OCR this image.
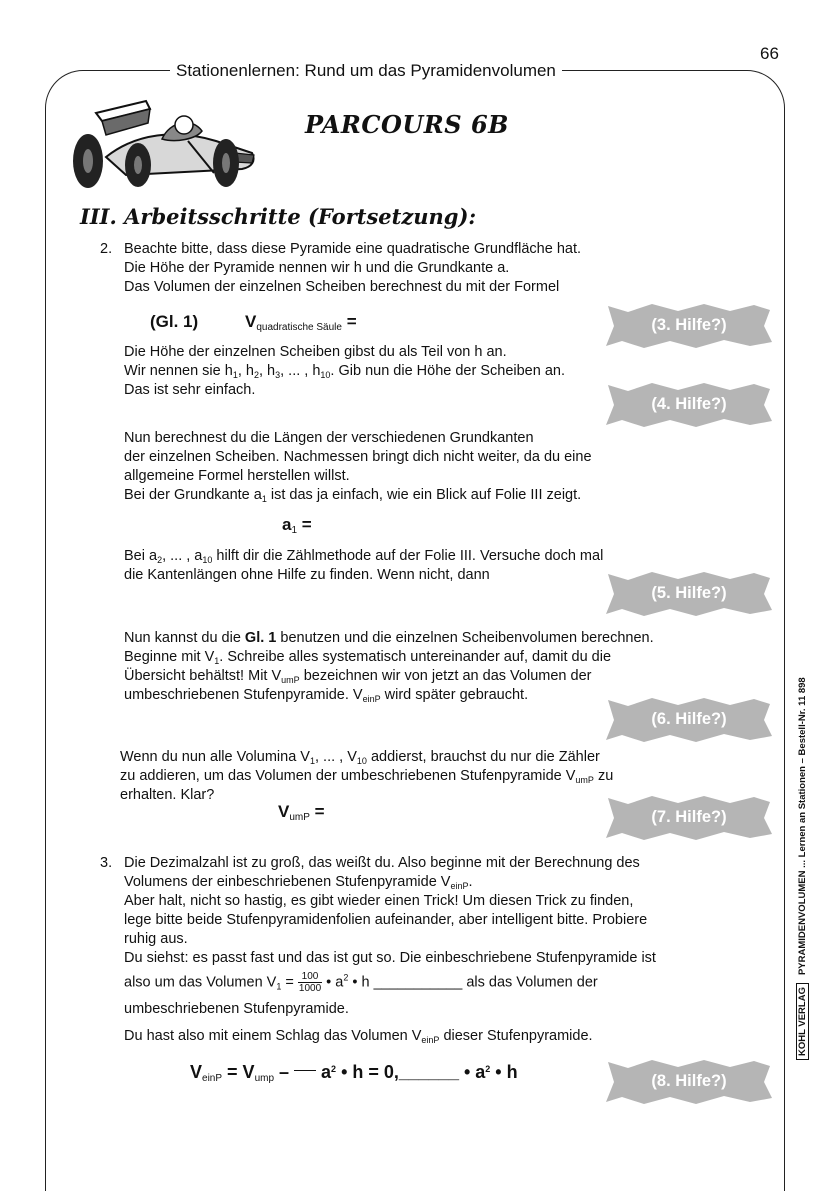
Stationenlernen: Rund um das Pyramidenvolumen
66
PARCOURS 6B
III. Arbeitsschritte (Fortsetzung):
2. Beachte bitte, dass diese Pyramide eine quadratische Grundfläche hat.
Die Höhe der Pyramide nennen wir h und die Grundkante a.
Das Volumen der einzelnen Scheiben berechnest du mit der Formel
(Gl. 1)	$V_{quadratische Säule}$ =
Die Höhe der einzelnen Scheiben gibst du als Teil von h an.
Wir nennen sie $h_1$, $h_2$, $h_3$, ... , $h_{10}$. Gib nun die Höhe der Scheiben an.
Das ist sehr einfach.
Nun berechnest du die Längen der verschiedenen Grundkanten
der einzelnen Scheiben. Nachmessen bringt dich nicht weiter, da du eine
allgemeine Formel herstellen willst.
Bei der Grundkante $a_1$ ist das ja einfach, wie ein Blick auf Folie III zeigt.
$a_1$ =
Bei $a_2$, ... , $a_{10}$ hilft dir die Zählmethode auf der Folie III. Versuche doch mal
die Kantenlängen ohne Hilfe zu finden. Wenn nicht, dann
Nun kannst du die Gl. 1 benutzen und die einzelnen Scheibenvolumen berechnen.
Beginne mit $V_1$. Schreibe alles systematisch untereinander auf, damit du die
Übersicht behältst! Mit $V_{umP}$ bezeichnen wir von jetzt an das Volumen der
umbeschriebenen Stufenpyramide. $V_{einP}$ wird später gebraucht.
Wenn du nun alle Volumina $V_1$, ... , $V_{10}$ addierst, brauchst du nur die Zähler
zu addieren, um das Volumen der umbeschriebenen Stufenpyramide $V_{umP}$ zu
erhalten. Klar?
$V_{umP}$ =
3. Die Dezimalzahl ist zu groß, das weißt du. Also beginne mit der Berechnung des
Volumens der einbeschriebenen Stufenpyramide $V_{einP}$.
Aber halt, nicht so hastig, es gibt wieder einen Trick! Um diesen Trick zu finden,
lege bitte beide Stufenpyramidenfolien aufeinander, aber intelligent bitte. Probiere
ruhig aus.
Du siehst: es passt fast und das ist gut so. Die einbeschriebene Stufenpyramide ist
also um das Volumen $V_1 = \frac{100}{1000}$ • $a^2$ • h ___________ als das Volumen der
umbeschriebenen Stufenpyramide.
Du hast also mit einem Schlag das Volumen $V_{einP}$ dieser Stufenpyramide.
$V_{einP} = V_{ump} - a^2$ • h = 0,______ • $a^2$ • h
(3. Hilfe?)
(4. Hilfe?)
(5. Hilfe?)
(6. Hilfe?)
(7. Hilfe?)
(8. Hilfe?)
KOHL VERLAGPYRAMIDENVOLUMEN ... Lernen an Stationen – Bestell-Nr. 11 898
